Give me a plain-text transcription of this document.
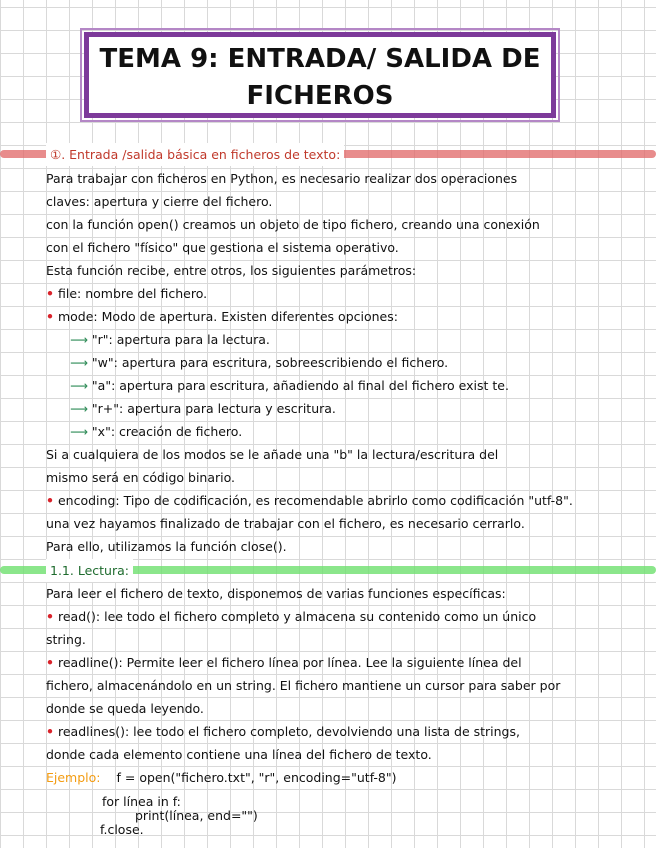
TEMA 9: ENTRADA/ SALIDA DE
FICHEROS
①. Entrada /salida básica en ficheros de texto:
Para trabajar con ficheros en Python, es necesario realizar dos operaciones
claves: apertura y cierre del fichero.
con la función open() creamos un objeto de tipo fichero, creando una conexión
con el fichero "físico" que gestiona el sistema operativo.
Esta función recibe, entre otros, los siguientes parámetros:
• file: nombre del fichero.
• mode: Modo de apertura. Existen diferentes opciones:
⟶ "r": apertura para la lectura.
⟶ "w": apertura para escritura, sobreescribiendo el fichero.
⟶ "a": apertura para escritura, añadiendo al final del fichero exist te.
⟶ "r+": apertura para lectura y escritura.
⟶ "x": creación de fichero.
Si a cualquiera de los modos se le añade una "b" la lectura/escritura del
mismo será en código binario.
• encoding: Tipo de codificación, es recomendable abrirlo como codificación "utf-8".
una vez hayamos finalizado de trabajar con el fichero, es necesario cerrarlo.
Para ello, utilizamos la función close().
1.1. Lectura:
Para leer el fichero de texto, disponemos de varias funciones específicas:
• read(): lee todo el fichero completo y almacena su contenido como un único
string.
• readline(): Permite leer el fichero línea por línea. Lee la siguiente línea del
fichero, almacenándolo en un string. El fichero mantiene un cursor para saber por
donde se queda leyendo.
• readlines(): lee todo el fichero completo, devolviendo una lista de strings,
donde cada elemento contiene una línea del fichero de texto.
Ejemplo: f = open("fichero.txt", "r", encoding="utf-8")
for línea in f:
print(línea, end="")
f.close.
